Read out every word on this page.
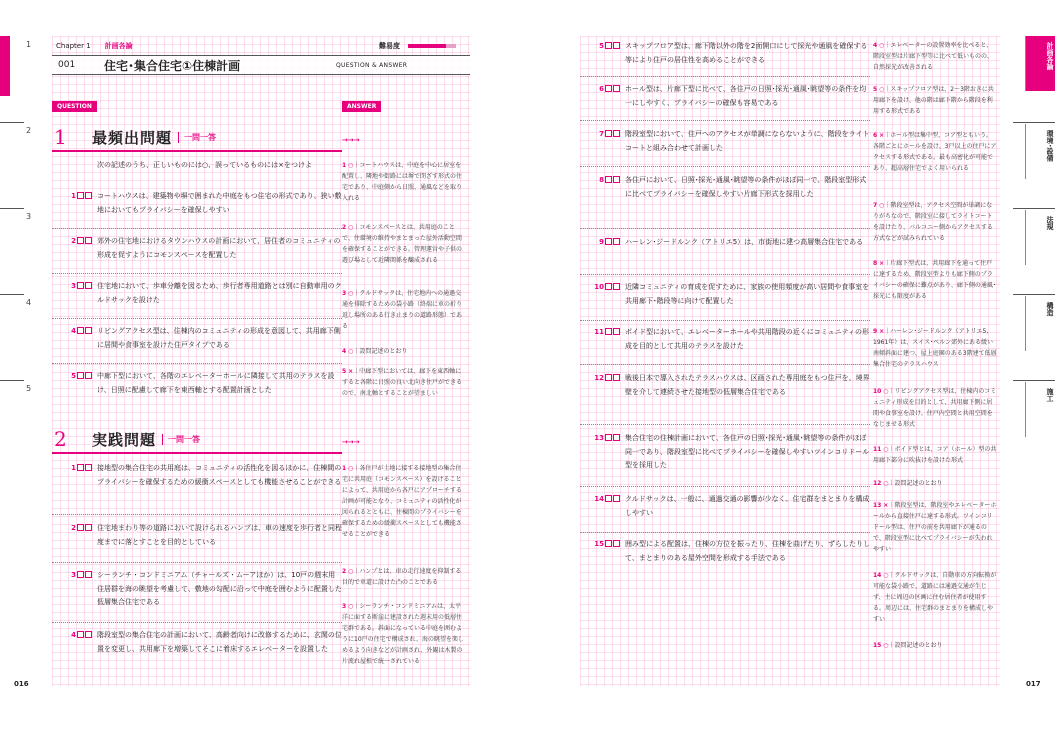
1
2
3
4
5
Chapter 1 計画各論	難易度
001	住宅･集合住宅①住棟計画	QUESTION & ANSWER
QUESTION	ANSWER
1	最頻出問題	一問一答	→→→
次の記述のうち、正しいものには○、誤っているものには×をつけよ
1	コートハウスは、建築物や塀で囲まれた中庭をもつ住宅の形式であり、狭い敷地においてもプライバシーを確保しやすい
2	郊外の住宅地におけるタウンハウスの計画において、居住者のコミュニティの形成を促すようにコモンスペースを配置した
3	住宅地において、歩車分離を図るため、歩行者専用道路とは別に自動車用のクルドサックを設けた
4	リビングアクセス型は、住棟内のコミュニティの形成を意図して、共用廊下側に居間や食事室を設けた住戸タイプである
5	中廊下型において、各階のエレベーターホールに隣接して共用のテラスを設け、日照に配慮して廊下を東西軸とする配置計画とした
1 ○｜コートハウスは、中庭を中心に居室を配置し、隣地や街路には塀で閉ざす形式の住宅であり、中庭側から日照、通風などを取り入れる
2 ○｜コモンスペースとは、共用庭のことで、住環境の維持やまとまった屋外活動空間を確保することができる。管理運営や子供の遊び場として近隣関係を醸成される
3 ○｜クルドサックは、住宅地内への通過交通を排除するための袋小路（終端に車の折り返し場所のある行き止まりの道路形態）である
4 ○｜設問記述のとおり
5 ×｜中廊下型においては、廊下を東西軸にすると各階に日照の良い北向き住戸ができるので、南北軸とすることが望ましい
2	実践問題	一問一答	→→→
1	接地型の集合住宅の共用庭は、コミュニティの活性化を図るほかに、住棟間のプライバシーを確保するための緩衝スペースとしても機能させることができる
2	住宅地まわり等の道路において設けられるハンプは、車の速度を歩行者と同程度までに落とすことを目的としている
3	シーランチ・コンドミニアム（チャールズ・ムーアほか）は、10戸の週末用住居群を海の眺望を考慮して、敷地の勾配に沿って中庭を囲むように配置した低層集合住宅である
4	階段室型の集合住宅の計画において、高齢者向けに改修するために、玄関の位置を変更し、共用廊下を増築してそこに着床するエレベーターを設置した
1 ○｜各住戸が土地に接する接地型の集合住宅に共用庭（コモンスペース）を設けることによって、共用庭から各戸にアプローチする計画が可能となり、コミュニティの活性化が図られるとともに、住棟間のプライバシーを確保するための緩衝スペースとしても機能させることができる
2 ○｜ハンプとは、車の走行速度を抑制する目的で車道に設けた凸のことである
3 ○｜シーランチ・コンドミニアムは、太平洋に面する断崖に建設された週末用の低層住宅群である。斜面になっている中庭を囲むように10戸の住宅で構成され、海の眺望を楽しめるよう向きなどが計画され、外観は木製の片流れ屋根で統一されている
016
5	スキップフロア型は、廊下階以外の階を2面開口にして採光や通風を確保する等により住戸の居住性を高めることができる
6	ホール型は、片廊下型に比べて、各住戸の日照･採光･通風･眺望等の条件を均一にしやすく、プライバシーの確保も容易である
7	階段室型において、住戸へのアクセスが単調にならないように、階段をライトコートと組み合わせて計画した
8	各住戸において、日照･採光･通風･眺望等の条件がほぼ同一で、階段室型形式に比べてプライバシーを確保しやすい片廊下形式を採用した
9	ハーレン･ジードルンク（アトリエ5）は、市街地に建つ高層集合住宅である
10	近隣コミュニティの育成を促すために、家族の使用頻度が高い居間や食事室を共用廊下･階段等に向けて配置した
11	ポイド型において、エレベーターホールや共用階段の近くにコミュニティの形成を目的として共用のテラスを設けた
12	戦後日本で導入されたテラスハウスは、区画された専用庭をもつ住戸を、境界壁を介して連続させた接地型の低層集合住宅である
13	集合住宅の住棟計画において、各住戸の日照･採光･通風･眺望等の条件がほぼ同一であり、階段室型に比べてプライバシーを確保しやすいツインコリドール型を採用した
14	クルドサックは、一般に、通過交通の影響が少なく、住宅群をまとまりを構成しやすい
15	囲み型による配置は、住棟の方位を振ったり、住棟を曲げたり、ずらしたりして、まとまりのある屋外空間を形成する手法である
4 ○｜エレベーターの設置効率を比べると、階段室型は片廊下型等に比べて低いものの、自然採光が改善される
5 ○｜スキップフロア型は、2～3階おきに共用廊下を設け、他の階は廊下階から階段を利用する形式である
6 ×｜ホール型は集中型、コア型ともいう。各階ごとにホールを設け、3戸以上の住戸にアクセスする形式である。最も高密化が可能であり、超高層住宅でよく用いられる
7 ○｜階段室型は、アクセス空間が単調になりがちなので、階段室に接してライトコートを設けたり、バルコニー側からアクセスする方式などが試みられている
8 ×｜片廊下型式は、共用廊下を通って住戸に達するため、階段室型よりも廊下側のプライバシーの確保に難点があり、廊下側の通風･採光にも限度がある
9 ×｜ハーレン･ジードルンク（アトリエ5, 1961年）は、スイス･ベルン郊外にある緩い南傾斜面に建つ、屋上庭園のある3階建て低層集合住宅のテラスハウス
10 ○｜リビングアクセス型は、住棟内のコミュニティ形成を目的として、共用廊下側に居間や食事室を設け、住戸内空間と共用空間をなじませる形式
11 ○｜ボイド型とは、コア（ホール）型の共用廊下部分に吹抜けを設けた形式
12 ○｜設問記述のとおり
13 ×｜階段室型は、階段室やエレベーターホールから直接住戸に達する形式。ツインコリドール型は、住戸の前を共用廊下が通るので、階段室型に比べてプライバシーが失われやすい
14 ○｜クルドサックは、自動車の方向転換が可能な袋小路で、道路には通過交通が生じず、主に周辺の区画に住む居住者が使用する。周辺には、住宅群のまとまりを構成しやすい
15 ○｜設問記述のとおり
計画各論
環境･設備
法規
構造
施工
017
